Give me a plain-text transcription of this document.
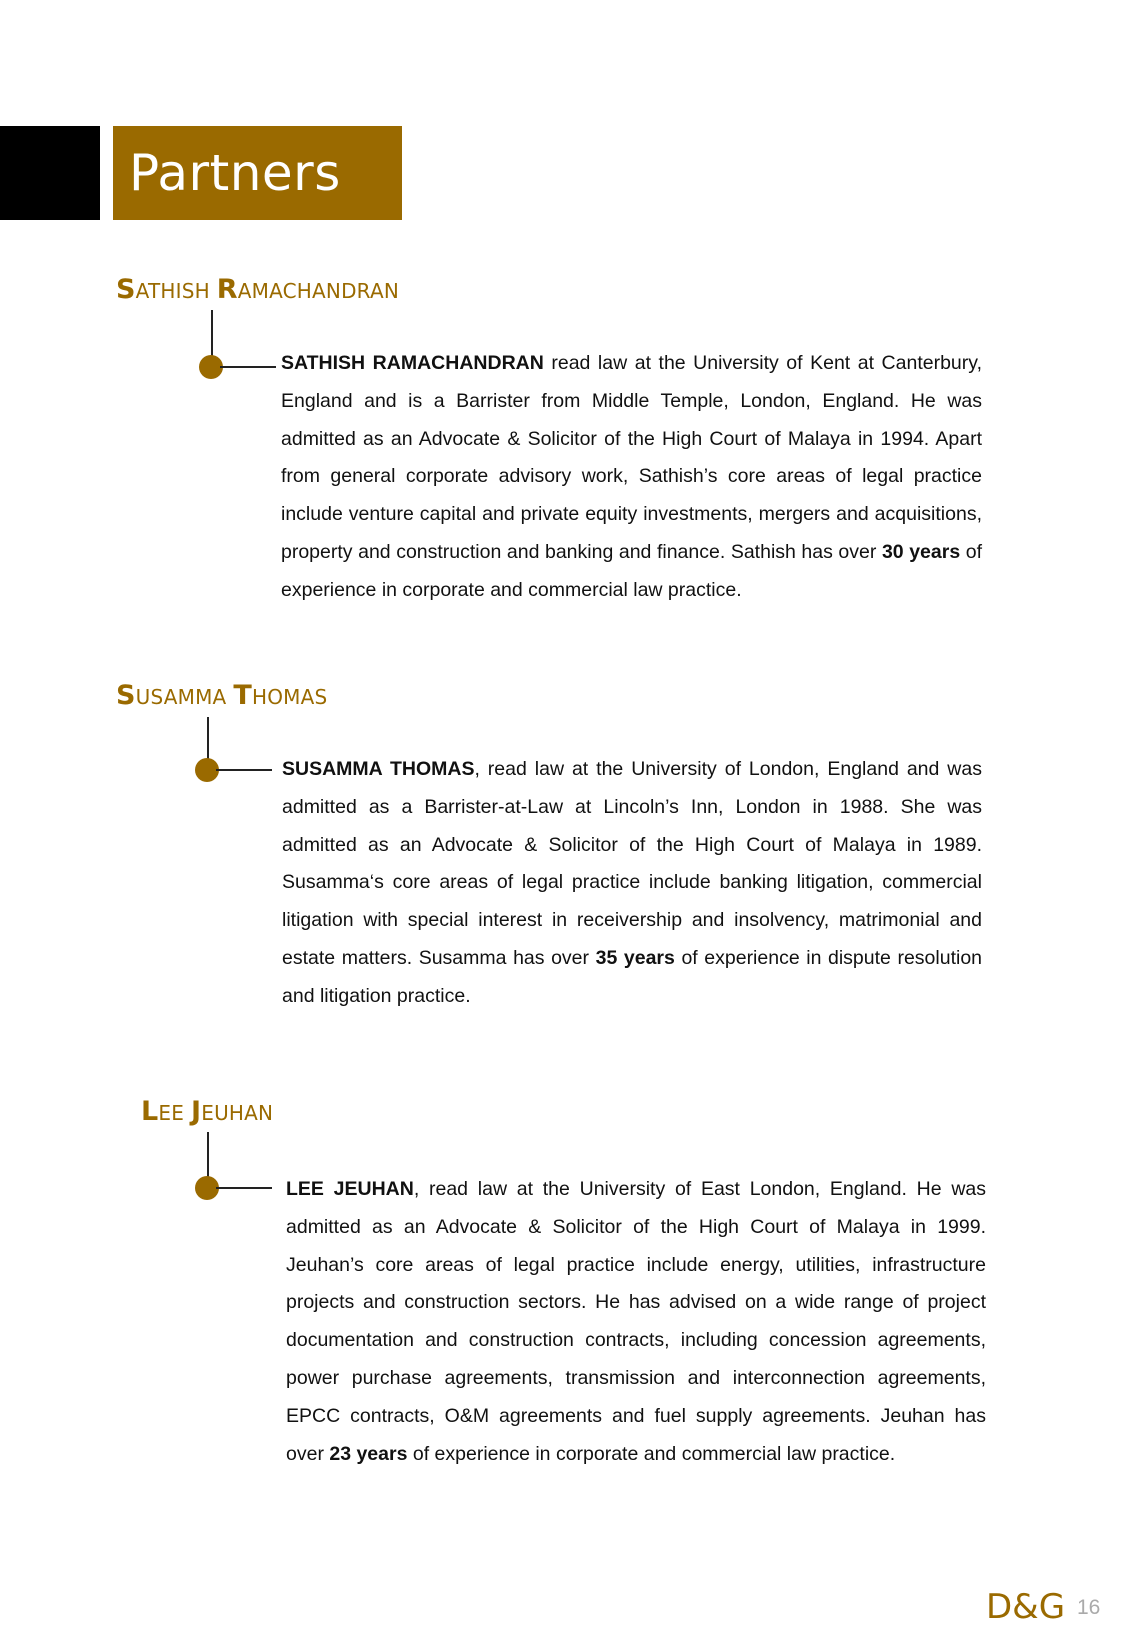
Partners
SATHISH RAMACHANDRAN
SATHISH RAMACHANDRAN read law at the University of Kent at Canterbury, England and is a Barrister from Middle Temple, London, England. He was admitted as an Advocate & Solicitor of the High Court of Malaya in 1994. Apart from general corporate advisory work, Sathish’s core areas of legal practice include venture capital and private equity investments, mergers and acquisitions, property and construction and banking and finance. Sathish has over 30 years of experience in corporate and commercial law practice.
SUSAMMA THOMAS
SUSAMMA THOMAS, read law at the University of London, England and was admitted as a Barrister-at-Law at Lincoln’s Inn, London in 1988. She was admitted as an Advocate & Solicitor of the High Court of Malaya in 1989. Susamma‘s core areas of legal practice include banking litigation, commercial litigation with special interest in receivership and insolvency, matrimonial and estate matters. Susamma has over 35 years of experience in dispute resolution and litigation practice.
LEE JEUHAN
LEE JEUHAN, read law at the University of East London, England. He was admitted as an Advocate & Solicitor of the High Court of Malaya in 1999. Jeuhan’s core areas of legal practice include energy, utilities, infrastructure projects and construction sectors. He has advised on a wide range of project documentation and construction contracts, including concession agreements, power purchase agreements, transmission and interconnection agreements, EPCC contracts, O&M agreements and fuel supply agreements. Jeuhan has over 23 years of experience in corporate and commercial law practice.
D&G 16
